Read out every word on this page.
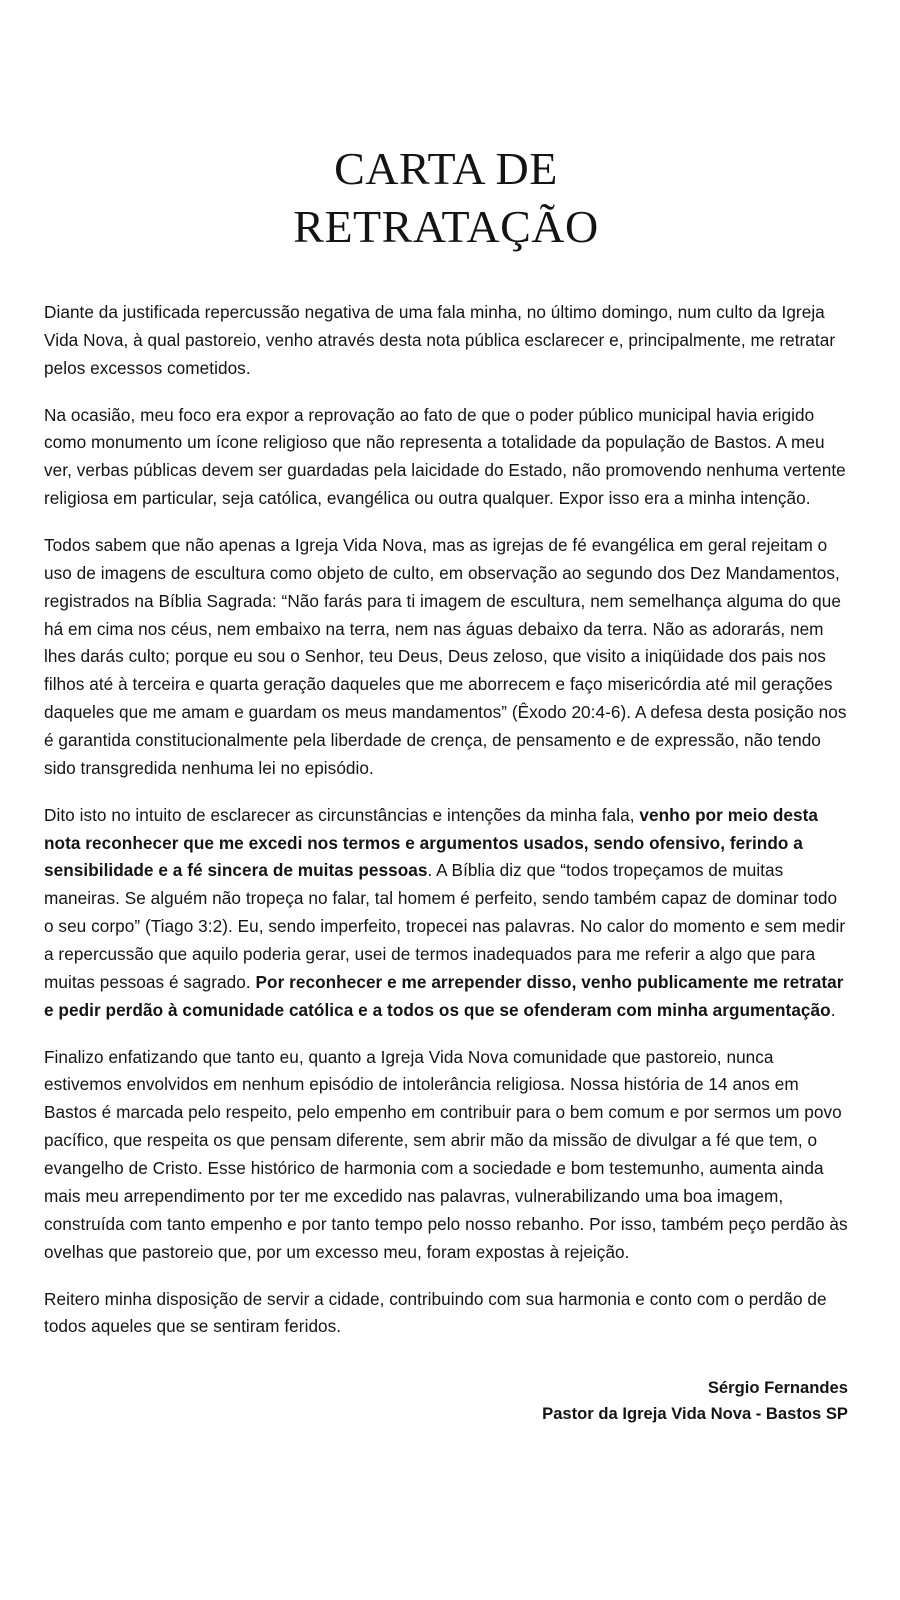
CARTA DE
RETRATAÇÃO

Diante da justificada repercussão negativa de uma fala minha, no último domingo, num culto da Igreja Vida Nova, à qual pastoreio, venho através desta nota pública esclarecer e, principalmente, me retratar pelos excessos cometidos.

Na ocasião, meu foco era expor a reprovação ao fato de que o poder público municipal havia erigido como monumento um ícone religioso que não representa a totalidade da população de Bastos. A meu ver, verbas públicas devem ser guardadas pela laicidade do Estado, não promovendo nenhuma vertente religiosa em particular, seja católica, evangélica ou outra qualquer. Expor isso era a minha intenção.

Todos sabem que não apenas a Igreja Vida Nova, mas as igrejas de fé evangélica em geral rejeitam o uso de imagens de escultura como objeto de culto, em observação ao segundo dos Dez Mandamentos, registrados na Bíblia Sagrada: “Não farás para ti imagem de escultura, nem semelhança alguma do que há em cima nos céus, nem embaixo na terra, nem nas águas debaixo da terra. Não as adorarás, nem lhes darás culto; porque eu sou o Senhor, teu Deus, Deus zeloso, que visito a iniqüidade dos pais nos filhos até à terceira e quarta geração daqueles que me aborrecem e faço misericórdia até mil gerações daqueles que me amam e guardam os meus mandamentos” (Êxodo 20:4-6). A defesa desta posição nos é garantida constitucionalmente pela liberdade de crença, de pensamento e de expressão, não tendo sido transgredida nenhuma lei no episódio.

Dito isto no intuito de esclarecer as circunstâncias e intenções da minha fala, venho por meio desta nota reconhecer que me excedi nos termos e argumentos usados, sendo ofensivo, ferindo a sensibilidade e a fé sincera de muitas pessoas. A Bíblia diz que “todos tropeçamos de muitas maneiras. Se alguém não tropeça no falar, tal homem é perfeito, sendo também capaz de dominar todo o seu corpo” (Tiago 3:2). Eu, sendo imperfeito, tropecei nas palavras. No calor do momento e sem medir a repercussão que aquilo poderia gerar, usei de termos inadequados para me referir a algo que para muitas pessoas é sagrado. Por reconhecer e me arrepender disso, venho publicamente me retratar e pedir perdão à comunidade católica e a todos os que se ofenderam com minha argumentação.

Finalizo enfatizando que tanto eu, quanto a Igreja Vida Nova comunidade que pastoreio, nunca estivemos envolvidos em nenhum episódio de intolerância religiosa. Nossa história de 14 anos em Bastos é marcada pelo respeito, pelo empenho em contribuir para o bem comum e por sermos um povo pacífico, que respeita os que pensam diferente, sem abrir mão da missão de divulgar a fé que tem, o evangelho de Cristo. Esse histórico de harmonia com a sociedade e bom testemunho, aumenta ainda mais meu arrependimento por ter me excedido nas palavras, vulnerabilizando uma boa imagem, construída com tanto empenho e por tanto tempo pelo nosso rebanho. Por isso, também peço perdão às ovelhas que pastoreio que, por um excesso meu, foram expostas à rejeição.

Reitero minha disposição de servir a cidade, contribuindo com sua harmonia e conto com o perdão de todos aqueles que se sentiram feridos.

Sérgio Fernandes
Pastor da Igreja Vida Nova - Bastos SP
